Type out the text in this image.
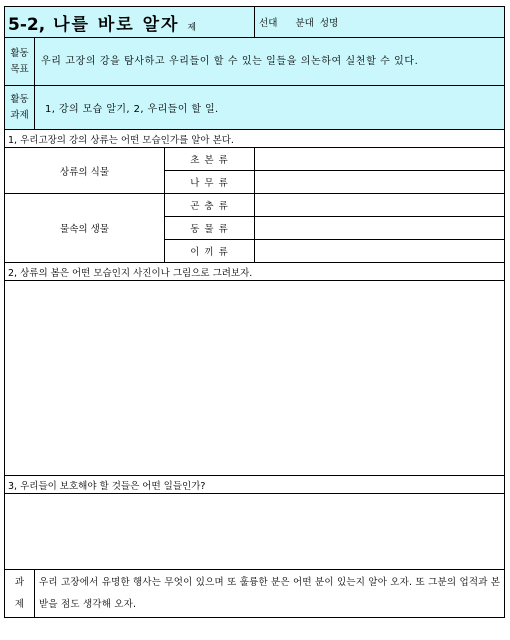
5-2, 나를 바로 알자 제			선대      분대  성명

활동
목표	우리 고장의 강을 탐사하고 우리들이 할 수 있는 일들을 의논하여 실천할 수 있다.		

활동
과제	1, 강의 모습 알기, 2, 우리들이 할 일.		
1, 우리고장의 강의 상류는 어떤 모습인가를 알아 본다.			
상류의 식물		초 본 류	
		나 무 류	
물속의 생물		곤 충 류	
		동 물 류	
		이 끼 류	
2, 상류의 봄은 어떤 모습인지 사진이나 그림으로 그려보자.			

3, 우리들이 보호해야 할 것들은 어떤 일들인가?			

과
제	우리 고장에서 유명한 행사는 무엇이 있으며 또 훌륭한 분은 어떤 분이 있는지 알아 오자. 또 그분의 업적과 본받을 점도 생각해 오자.		
